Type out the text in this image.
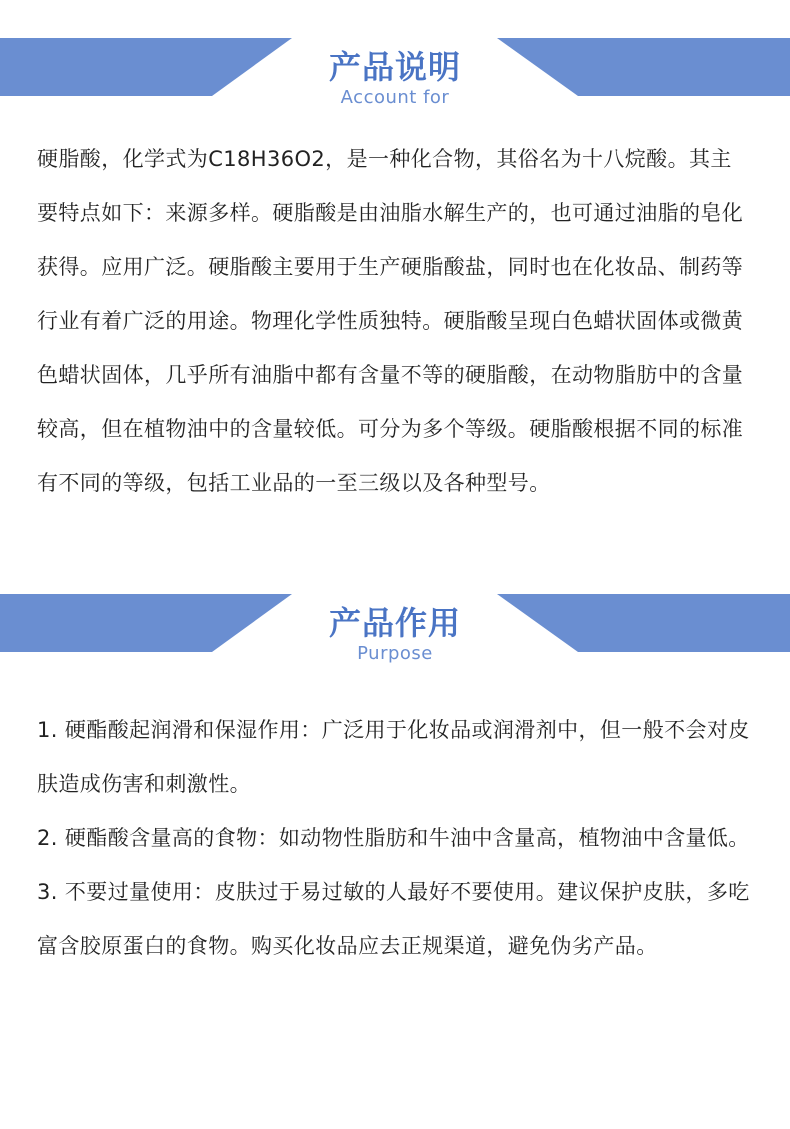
产品说明
Account for

硬脂酸，化学式为C18H36O2，是一种化合物，其俗名为十八烷酸。其主要特点如下：来源多样。硬脂酸是由油脂水解生产的，也可通过油脂的皂化获得。应用广泛。硬脂酸主要用于生产硬脂酸盐，同时也在化妆品、制药等行业有着广泛的用途。物理化学性质独特。硬脂酸呈现白色蜡状固体或微黄色蜡状固体，几乎所有油脂中都有含量不等的硬脂酸，在动物脂肪中的含量较高，但在植物油中的含量较低。可分为多个等级。硬脂酸根据不同的标准有不同的等级，包括工业品的一至三级以及各种型号。

产品作用
Purpose

1. 硬酯酸起润滑和保湿作用：广泛用于化妆品或润滑剂中，但一般不会对皮肤造成伤害和刺激性。

2. 硬酯酸含量高的食物：如动物性脂肪和牛油中含量高，植物油中含量低。

3. 不要过量使用：皮肤过于易过敏的人最好不要使用。建议保护皮肤，多吃富含胶原蛋白的食物。购买化妆品应去正规渠道，避免伪劣产品。
